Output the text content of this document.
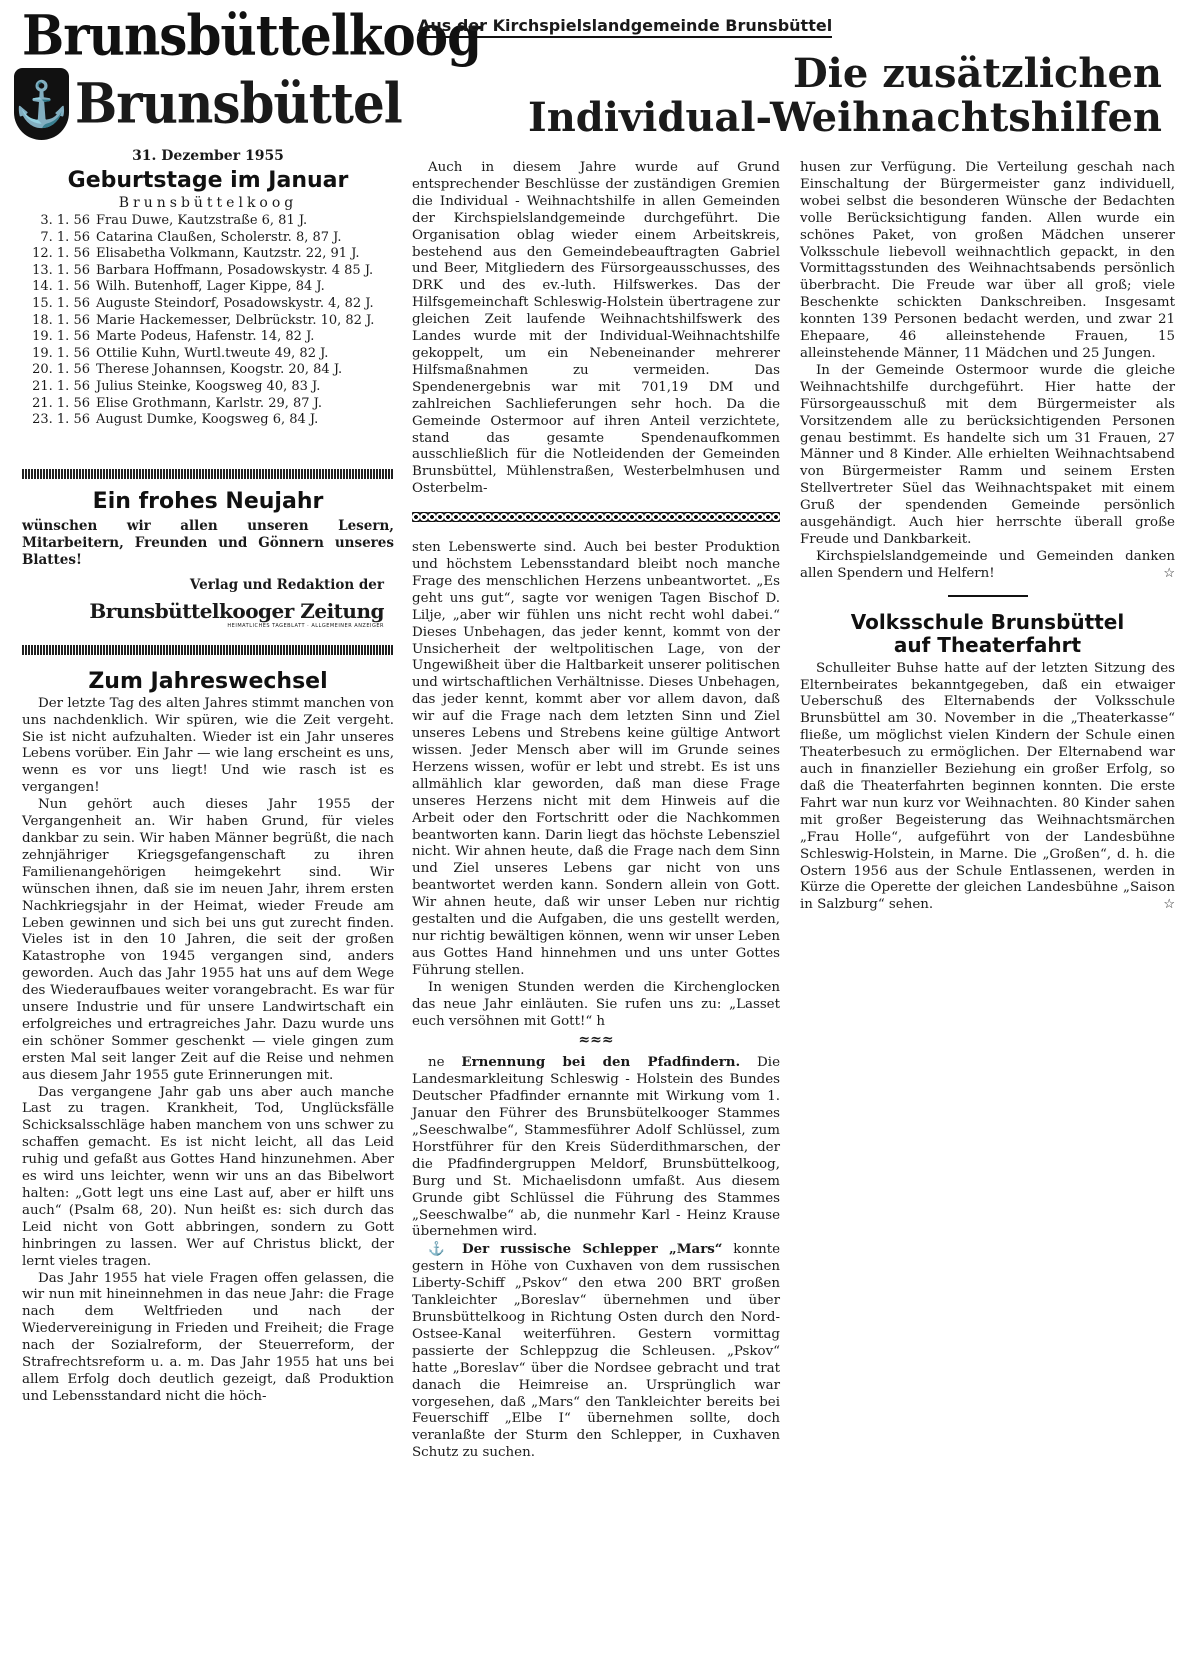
Brunsbüttelkoog
⚓ Brunsbüttel
31. Dezember 1955
Geburtstage im Januar
Brunsbüttelkoog
3. 1. 56 Frau Duwe, Kautzstraße 6, 81 J.
7. 1. 56 Catarina Claußen, Scholerstr. 8, 87 J.
12. 1. 56 Elisabetha Volkmann, Kautzstr. 22, 91 J.
13. 1. 56 Barbara Hoffmann, Posadowskystr. 4 85 J.
14. 1. 56 Wilh. Butenhoff, Lager Kippe, 84 J.
15. 1. 56 Auguste Steindorf, Posadowskystr. 4, 82 J.
18. 1. 56 Marie Hackemesser, Delbrückstr. 10, 82 J.
19. 1. 56 Marte Podeus, Hafenstr. 14, 82 J.
19. 1. 56 Ottilie Kuhn, Wurtl.tweute 49, 82 J.
20. 1. 56 Therese Johannsen, Koogstr. 20, 84 J.
21. 1. 56 Julius Steinke, Koogsweg 40, 83 J.
21. 1. 56 Elise Grothmann, Karlstr. 29, 87 J.
23. 1. 56 August Dumke, Koogsweg 6, 84 J.
Ein frohes Neujahr
wünschen wir allen unseren Lesern, Mitarbeitern, Freunden und Gönnern unseres Blattes!
Verlag und Redaktion der
Brunsbüttelkooger Zeitung
HEIMATLICHES TAGEBLATT · ALLGEMEINER ANZEIGER
Zum Jahreswechsel

Der letzte Tag des alten Jahres stimmt manchen von uns nachdenklich. Wir spüren, wie die Zeit vergeht. Sie ist nicht aufzuhalten. Wieder ist ein Jahr unseres Lebens vorüber. Ein Jahr — wie lang erscheint es uns, wenn es vor uns liegt! Und wie rasch ist es vergangen!

Nun gehört auch dieses Jahr 1955 der Vergangenheit an. Wir haben Grund, für vieles dankbar zu sein. Wir haben Männer begrüßt, die nach zehnjähriger Kriegsgefangenschaft zu ihren Familienangehörigen heimgekehrt sind. Wir wünschen ihnen, daß sie im neuen Jahr, ihrem ersten Nachkriegsjahr in der Heimat, wieder Freude am Leben gewinnen und sich bei uns gut zurecht finden. Vieles ist in den 10 Jahren, die seit der großen Katastrophe von 1945 vergangen sind, anders geworden. Auch das Jahr 1955 hat uns auf dem Wege des Wiederaufbaues weiter vorangebracht. Es war für unsere Industrie und für unsere Landwirtschaft ein erfolgreiches und ertragreiches Jahr. Dazu wurde uns ein schöner Sommer geschenkt — viele gingen zum ersten Mal seit langer Zeit auf die Reise und nehmen aus diesem Jahr 1955 gute Erinnerungen mit.

Das vergangene Jahr gab uns aber auch manche Last zu tragen. Krankheit, Tod, Unglücksfälle Schicksalsschläge haben manchem von uns schwer zu schaffen gemacht. Es ist nicht leicht, all das Leid ruhig und gefaßt aus Gottes Hand hinzunehmen. Aber es wird uns leichter, wenn wir uns an das Bibelwort halten: „Gott legt uns eine Last auf, aber er hilft uns auch“ (Psalm 68, 20). Nun heißt es: sich durch das Leid nicht von Gott abbringen, sondern zu Gott hinbringen zu lassen. Wer auf Christus blickt, der lernt vieles tragen.

Das Jahr 1955 hat viele Fragen offen gelassen, die wir nun mit hineinnehmen in das neue Jahr: die Frage nach dem Weltfrieden und nach der Wiedervereinigung in Frieden und Freiheit; die Frage nach der Sozialreform, der Steuerreform, der Strafrechtsreform u. a. m. Das Jahr 1955 hat uns bei allem Erfolg doch deutlich gezeigt, daß Produktion und Lebensstandard nicht die höch-

Aus der Kirchspielslandgemeinde Brunsbüttel
Die zusätzlichen
Individual-Weihnachtshilfen

Auch in diesem Jahre wurde auf Grund entsprechender Beschlüsse der zuständigen Gremien die Individual - Weihnachtshilfe in allen Gemeinden der Kirchspielslandgemeinde durchgeführt. Die Organisation oblag wieder einem Arbeitskreis, bestehend aus den Gemeindebeauftragten Gabriel und Beer, Mitgliedern des Fürsorgeausschusses, des DRK und des ev.-luth. Hilfswerkes. Das der Hilfsgemeinchaft Schleswig-Holstein übertragene zur gleichen Zeit laufende Weihnachtshilfswerk des Landes wurde mit der Individual-Weihnachtshilfe gekoppelt, um ein Nebeneinander mehrerer Hilfsmaßnahmen zu vermeiden. Das Spendenergebnis war mit 701,19 DM und zahlreichen Sachlieferungen sehr hoch. Da die Gemeinde Ostermoor auf ihren Anteil verzichtete, stand das gesamte Spendenaufkommen ausschließlich für die Notleidenden der Gemeinden Brunsbüttel, Mühlenstraßen, Westerbelmhusen und Osterbelm-

sten Lebenswerte sind. Auch bei bester Produktion und höchstem Lebensstandard bleibt noch manche Frage des menschlichen Herzens unbeantwortet. „Es geht uns gut“, sagte vor wenigen Tagen Bischof D. Lilje, „aber wir fühlen uns nicht recht wohl dabei.“ Dieses Unbehagen, das jeder kennt, kommt von der Unsicherheit der weltpolitischen Lage, von der Ungewißheit über die Haltbarkeit unserer politischen und wirtschaftlichen Verhältnisse. Dieses Unbehagen, das jeder kennt, kommt aber vor allem davon, daß wir auf die Frage nach dem letzten Sinn und Ziel unseres Lebens und Strebens keine gültige Antwort wissen. Jeder Mensch aber will im Grunde seines Herzens wissen, wofür er lebt und strebt. Es ist uns allmählich klar geworden, daß man diese Frage unseres Herzens nicht mit dem Hinweis auf die Arbeit oder den Fortschritt oder die Nachkommen beantworten kann. Darin liegt das höchste Lebensziel nicht. Wir ahnen heute, daß die Frage nach dem Sinn und Ziel unseres Lebens gar nicht von uns beantwortet werden kann. Sondern allein von Gott. Wir ahnen heute, daß wir unser Leben nur richtig gestalten und die Aufgaben, die uns gestellt werden, nur richtig bewältigen können, wenn wir unser Leben aus Gottes Hand hinnehmen und uns unter Gottes Führung stellen.

In wenigen Stunden werden die Kirchenglocken das neue Jahr einläuten. Sie rufen uns zu: „Lasset euch versöhnen mit Gott!“ h

≈≈≈

ne Ernennung bei den Pfadfindern. Die Landesmarkleitung Schleswig - Holstein des Bundes Deutscher Pfadfinder ernannte mit Wirkung vom 1. Januar den Führer des Brunsbütelkooger Stammes „Seeschwalbe“, Stammesführer Adolf Schlüssel, zum Horstführer für den Kreis Süderdithmarschen, der die Pfadfindergruppen Meldorf, Brunsbüttelkoog, Burg und St. Michaelisdonn umfaßt. Aus diesem Grunde gibt Schlüssel die Führung des Stammes „Seeschwalbe“ ab, die nunmehr Karl - Heinz Krause übernehmen wird.

⚓ Der russische Schlepper „Mars“ konnte gestern in Höhe von Cuxhaven von dem russischen Liberty-Schiff „Pskov“ den etwa 200 BRT großen Tankleichter „Boreslav“ übernehmen und über Brunsbüttelkoog in Richtung Osten durch den Nord-Ostsee-Kanal weiterführen. Gestern vormittag passierte der Schleppzug die Schleusen. „Pskov“ hatte „Boreslav“ über die Nordsee gebracht und trat danach die Heimreise an. Ursprünglich war vorgesehen, daß „Mars“ den Tankleichter bereits bei Feuerschiff „Elbe I“ übernehmen sollte, doch veranlaßte der Sturm den Schlepper, in Cuxhaven Schutz zu suchen.

husen zur Verfügung. Die Verteilung geschah nach Einschaltung der Bürgermeister ganz individuell, wobei selbst die besonderen Wünsche der Bedachten volle Berücksichtigung fanden. Allen wurde ein schönes Paket, von großen Mädchen unserer Volksschule liebevoll weihnachtlich gepackt, in den Vormittagsstunden des Weihnachtsabends persönlich überbracht. Die Freude war über all groß; viele Beschenkte schickten Dankschreiben. Insgesamt konnten 139 Personen bedacht werden, und zwar 21 Ehepaare, 46 alleinstehende Frauen, 15 alleinstehende Männer, 11 Mädchen und 25 Jungen.

In der Gemeinde Ostermoor wurde die gleiche Weihnachtshilfe durchgeführt. Hier hatte der Fürsorgeausschuß mit dem Bürgermeister als Vorsitzendem alle zu berücksichtigenden Personen genau bestimmt. Es handelte sich um 31 Frauen, 27 Männer und 8 Kinder. Alle erhielten Weihnachtsabend von Bürgermeister Ramm und seinem Ersten Stellvertreter Süel das Weihnachtspaket mit einem Gruß der spendenden Gemeinde persönlich ausgehändigt. Auch hier herrschte überall große Freude und Dankbarkeit.

Kirchspielslandgemeinde und Gemeinden danken allen Spendern und Helfern!	☆

Volksschule Brunsbüttel
auf Theaterfahrt

Schulleiter Buhse hatte auf der letzten Sitzung des Elternbeirates bekanntgegeben, daß ein etwaiger Ueberschuß des Elternabends der Volksschule Brunsbüttel am 30. November in die „Theaterkasse“ fließe, um möglichst vielen Kindern der Schule einen Theaterbesuch zu ermöglichen. Der Elternabend war auch in finanzieller Beziehung ein großer Erfolg, so daß die Theaterfahrten beginnen konnten. Die erste Fahrt war nun kurz vor Weihnachten. 80 Kinder sahen mit großer Begeisterung das Weihnachtsmärchen „Frau Holle“, aufgeführt von der Landesbühne Schleswig-Holstein, in Marne. Die „Großen“, d. h. die Ostern 1956 aus der Schule Entlassenen, werden in Kürze die Operette der gleichen Landesbühne „Saison in Salzburg“ sehen.	☆
